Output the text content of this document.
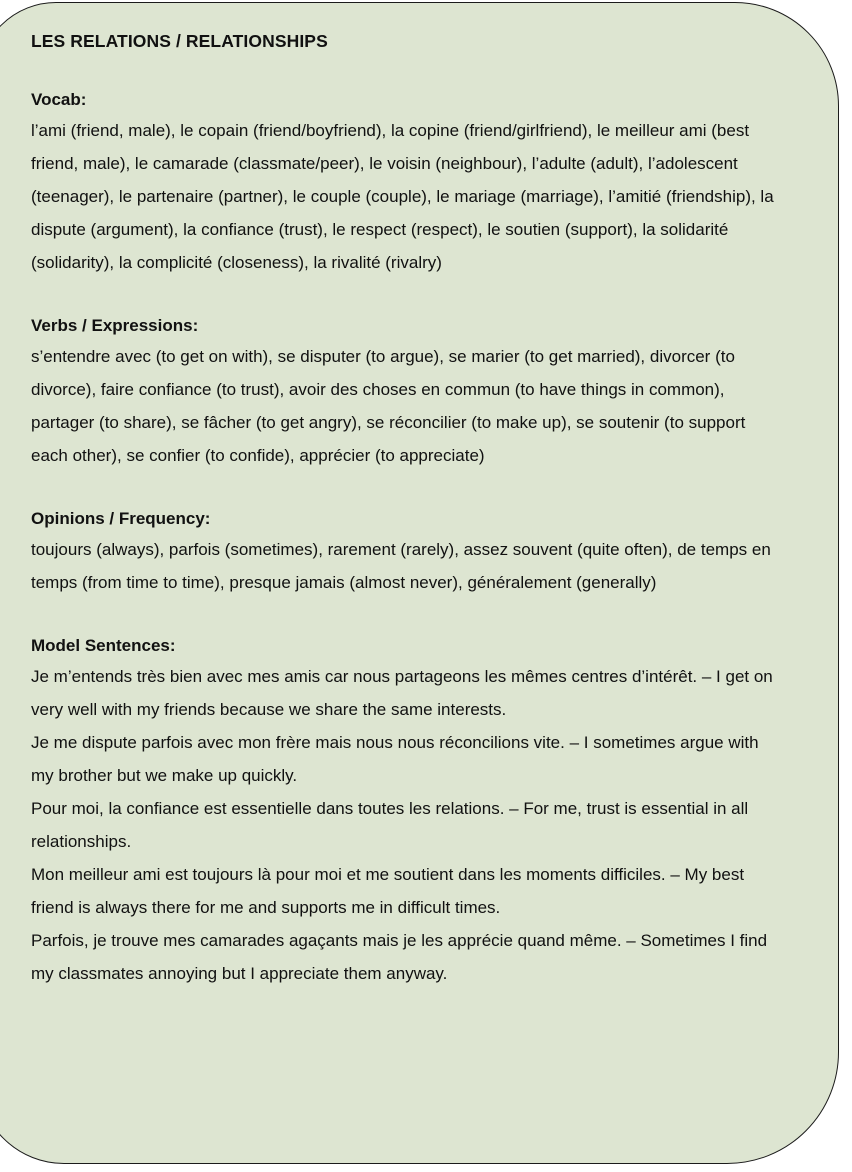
LES RELATIONS / RELATIONSHIPS
Vocab:
l’ami (friend, male), le copain (friend/boyfriend), la copine (friend/girlfriend), le meilleur ami (best friend, male), le camarade (classmate/peer), le voisin (neighbour), l’adulte (adult), l’adolescent (teenager), le partenaire (partner), le couple (couple), le mariage (marriage), l’amitié (friendship), la dispute (argument), la confiance (trust), le respect (respect), le soutien (support), la solidarité (solidarity), la complicité (closeness), la rivalité (rivalry)
Verbs / Expressions:
s’entendre avec (to get on with), se disputer (to argue), se marier (to get married), divorcer (to divorce), faire confiance (to trust), avoir des choses en commun (to have things in common), partager (to share), se fâcher (to get angry), se réconcilier (to make up), se soutenir (to support each other), se confier (to confide), apprécier (to appreciate)
Opinions / Frequency:
toujours (always), parfois (sometimes), rarement (rarely), assez souvent (quite often), de temps en temps (from time to time), presque jamais (almost never), généralement (generally)
Model Sentences:
Je m’entends très bien avec mes amis car nous partageons les mêmes centres d’intérêt. – I get on very well with my friends because we share the same interests.
Je me dispute parfois avec mon frère mais nous nous réconcilions vite. – I sometimes argue with my brother but we make up quickly.
Pour moi, la confiance est essentielle dans toutes les relations. – For me, trust is essential in all relationships.
Mon meilleur ami est toujours là pour moi et me soutient dans les moments difficiles. – My best friend is always there for me and supports me in difficult times.
Parfois, je trouve mes camarades agaçants mais je les apprécie quand même. – Sometimes I find my classmates annoying but I appreciate them anyway.
